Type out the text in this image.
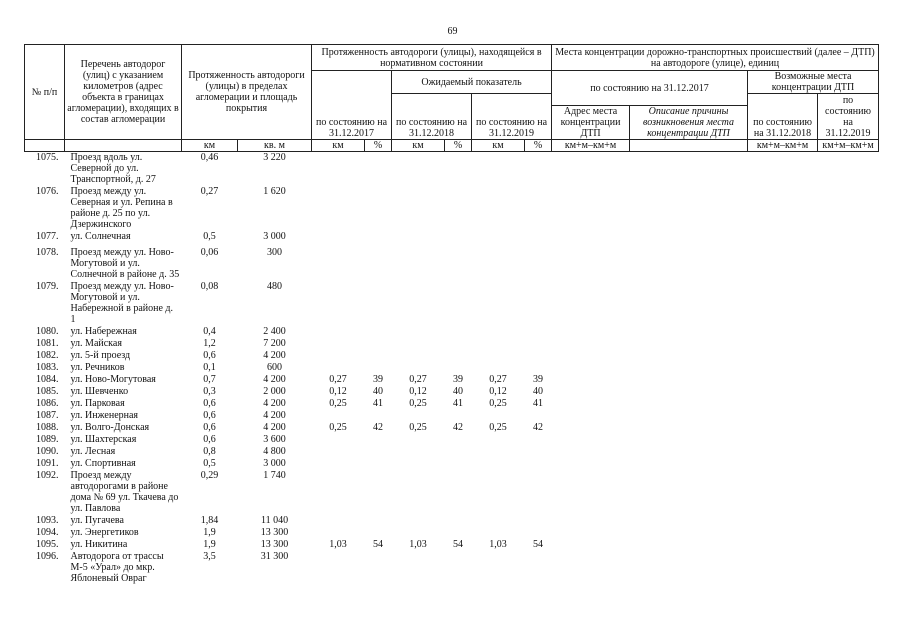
69
№ п/п	Перечень автодорог (улиц) с указанием километров (адрес объекта в границах агломерации), входящих в состав агломерации	Протяженность автодороги (улицы) в пределах агломерации и площадь покрытия		Протяженность автодороги (улицы), находящейся в нормативном состоянии						Места концентрации дорожно-транспортных происшествий (далее – ДТП) на автодороге (улице), единиц			
				по состоянию на 31.12.2017		Ожидаемый показатель				по состоянию на 31.12.2017		Возможные места концентрации ДТП	
						по состоянию на 31.12.2018		по состоянию на 31.12.2019				по состоянию на 31.12.2018	по состоянию на 31.12.2019
										Адрес места концентрации ДТП	Описание причины возникновения места концентрации ДТП		
		км	кв. м	км	%	км	%	км	%	км+м–км+м		км+м–км+м	км+м–км+м
1075.	Проезд вдоль ул. Северной до ул. Транспортной, д. 27	0,46	3 220										
1076.	Проезд между ул. Северная и ул. Репина в районе д. 25 по ул. Дзержинского	0,27	1 620										
1077.	ул. Солнечная	0,5	3 000										

1078.	Проезд между ул. Ново-Могутовой и ул. Солнечной в районе д. 35	0,06	300										
1079.	Проезд между ул. Ново-Могутовой и ул. Набережной в районе д. 1	0,08	480										
1080.	ул. Набережная	0,4	2 400										
1081.	ул. Майская	1,2	7 200										
1082.	ул. 5-й проезд	0,6	4 200										
1083.	ул. Речников	0,1	600										
1084.	ул. Ново-Могутовая	0,7	4 200	0,27	39	0,27	39	0,27	39				
1085.	ул. Шевченко	0,3	2 000	0,12	40	0,12	40	0,12	40				
1086.	ул. Парковая	0,6	4 200	0,25	41	0,25	41	0,25	41				
1087.	ул. Инженерная	0,6	4 200										
1088.	ул. Волго-Донская	0,6	4 200	0,25	42	0,25	42	0,25	42				
1089.	ул. Шахтерская	0,6	3 600										
1090.	ул. Лесная	0,8	4 800										
1091.	ул. Спортивная	0,5	3 000										
1092.	Проезд между автодорогами в районе дома № 69 ул. Ткачева до ул. Павлова	0,29	1 740										
1093.	ул. Пугачева	1,84	11 040										
1094.	ул. Энергетиков	1,9	13 300										
1095.	ул. Никитина	1,9	13 300	1,03	54	1,03	54	1,03	54				
1096.	Автодорога от трассы М-5 «Урал» до мкр. Яблоневый Овраг	3,5	31 300										
